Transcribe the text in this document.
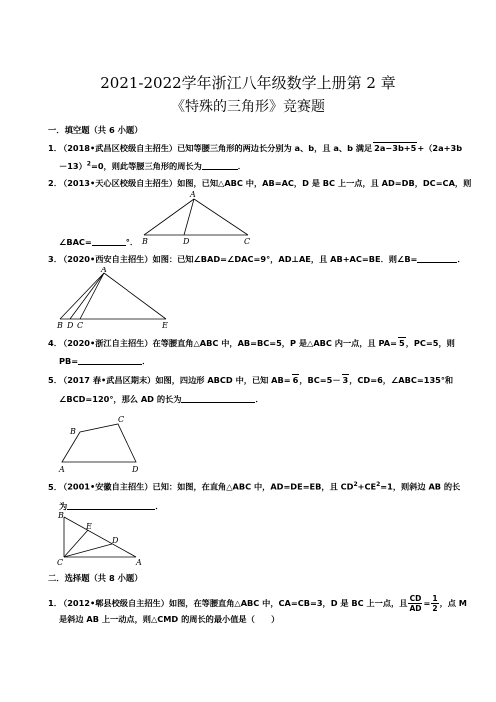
2021-2022学年浙江八年级数学上册第 2 章
《特殊的三角形》竞赛题
一．填空题（共 6 小题）
1．（2018•武昌区校级自主招生）已知等腰三角形的两边长分别为 a、b，且 a、b 满足 2a−3b+5+（2a+3b
－13）$^2$=0，则此等腰三角形的周长为	．
2．（2013•天心区校级自主招生）如图，已知△ABC 中，AB=AC，D 是 BC 上一点，且 AD=DB，DC=CA，则
A
B	D	C
∠BAC=	°．
3．（2020•西安自主招生）如图：已知∠BAD=∠DAC=9°，AD⊥AE，且 AB+AC=BE．则∠B=	．
A
B D C	E
4．（2020•浙江自主招生）在等腰直角△ABC 中，AB=BC=5，P 是△ABC 内一点，且 PA= 5，PC=5，则
PB=	．
5．（2017 春•武昌区期末）如图，四边形 ABCD 中，已知 AB= 6，BC=5－ 3，CD=6，∠ABC=135°和
∠BCD=120°，那么 AD 的长为	．
A
B
C
D
5．（2001•安徽自主招生）已知：如图，在直角△ABC 中，AD=DE=EB，且 $CD^2+CE^2=1$，则斜边 AB 的长
为	．
B
E
D
C	A
二．选择题（共 8 小题）
1．（2012•郫县校级自主招生）如图，在等腰直角△ABC 中，CA=CB=3，D 是 BC 上一点，且 $\frac{CD}{AD} = \frac{1}{2}$ ，点 M
是斜边 AB 上一动点，则△CMD 的周长的最小值是（　　）
